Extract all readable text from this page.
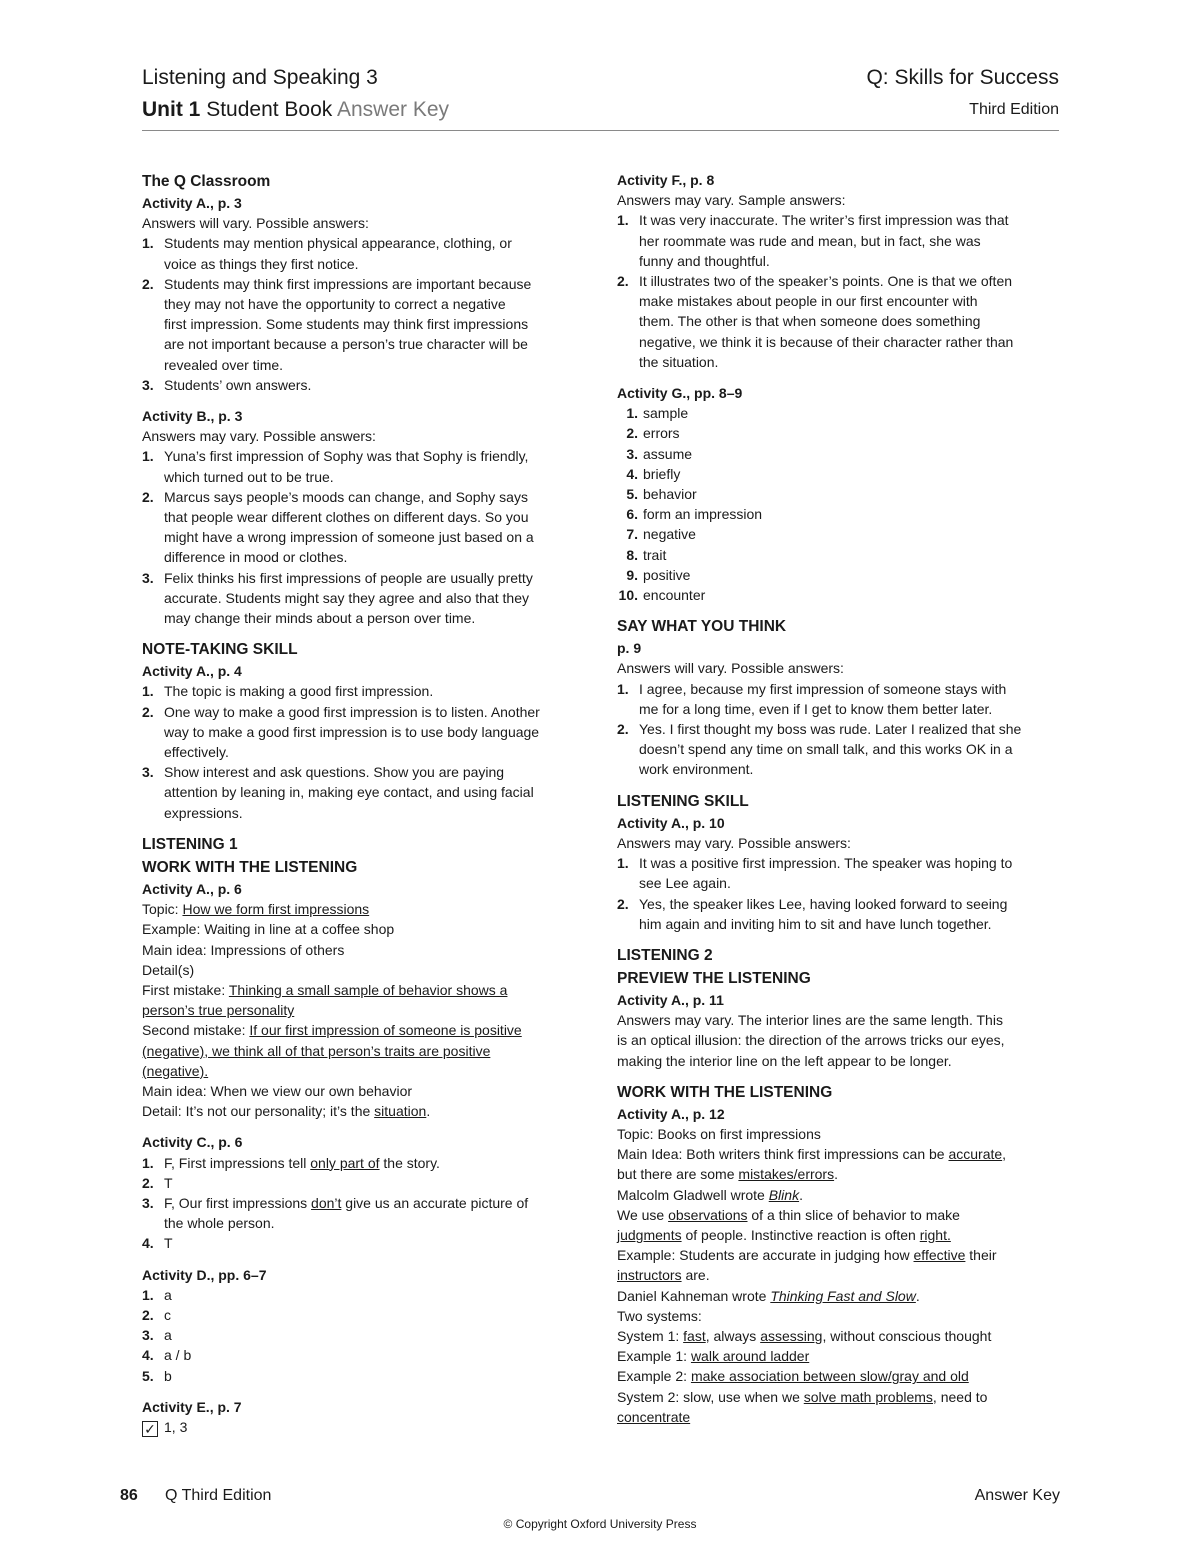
Listening and Speaking 3
Unit 1 Student Book Answer Key
Q: Skills for Success
Third Edition
The Q Classroom
Activity A., p. 3
Answers will vary. Possible answers:
1. Students may mention physical appearance, clothing, or
voice as things they first notice.
2. Students may think first impressions are important because
they may not have the opportunity to correct a negative
first impression. Some students may think first impressions
are not important because a person’s true character will be
revealed over time.
3. Students’ own answers.
Activity B., p. 3
Answers may vary. Possible answers:
1. Yuna’s first impression of Sophy was that Sophy is friendly,
which turned out to be true.
2. Marcus says people’s moods can change, and Sophy says
that people wear different clothes on different days. So you
might have a wrong impression of someone just based on a
difference in mood or clothes.
3. Felix thinks his first impressions of people are usually pretty
accurate. Students might say they agree and also that they
may change their minds about a person over time.
NOTE-TAKING SKILL
Activity A., p. 4
1. The topic is making a good first impression.
2. One way to make a good first impression is to listen. Another
way to make a good first impression is to use body language
effectively.
3. Show interest and ask questions. Show you are paying
attention by leaning in, making eye contact, and using facial
expressions.
LISTENING 1
WORK WITH THE LISTENING
Activity A., p. 6
Topic: How we form first impressions
Example: Waiting in line at a coffee shop
Main idea: Impressions of others
Detail(s)
First mistake: Thinking a small sample of behavior shows a
person’s true personality
Second mistake: If our first impression of someone is positive
(negative), we think all of that person’s traits are positive
(negative).
Main idea: When we view our own behavior
Detail: It’s not our personality; it’s the situation.
Activity C., p. 6
1. F, First impressions tell only part of the story.
2. T
3. F, Our first impressions don’t give us an accurate picture of
the whole person.
4. T
Activity D., pp. 6–7
1. a
2. c
3. a
4. a / b
5. b
Activity E., p. 7
✓ 1, 3
Activity F., p. 8
Answers may vary. Sample answers:
1. It was very inaccurate. The writer’s first impression was that
her roommate was rude and mean, but in fact, she was
funny and thoughtful.
2. It illustrates two of the speaker’s points. One is that we often
make mistakes about people in our first encounter with
them. The other is that when someone does something
negative, we think it is because of their character rather than
the situation.
Activity G., pp. 8–9
1. sample
2. errors
3. assume
4. briefly
5. behavior
6. form an impression
7. negative
8. trait
9. positive
10. encounter
SAY WHAT YOU THINK
p. 9
Answers will vary. Possible answers:
1. I agree, because my first impression of someone stays with
me for a long time, even if I get to know them better later.
2. Yes. I first thought my boss was rude. Later I realized that she
doesn’t spend any time on small talk, and this works OK in a
work environment.
LISTENING SKILL
Activity A., p. 10
Answers may vary. Possible answers:
1. It was a positive first impression. The speaker was hoping to
see Lee again.
2. Yes, the speaker likes Lee, having looked forward to seeing
him again and inviting him to sit and have lunch together.
LISTENING 2
PREVIEW THE LISTENING
Activity A., p. 11
Answers may vary. The interior lines are the same length. This
is an optical illusion: the direction of the arrows tricks our eyes,
making the interior line on the left appear to be longer.
WORK WITH THE LISTENING
Activity A., p. 12
Topic: Books on first impressions
Main Idea: Both writers think first impressions can be accurate,
but there are some mistakes/errors.
Malcolm Gladwell wrote Blink.
We use observations of a thin slice of behavior to make
judgments of people. Instinctive reaction is often right.
Example: Students are accurate in judging how effective their
instructors are.
Daniel Kahneman wrote Thinking Fast and Slow.
Two systems:
System 1: fast, always assessing, without conscious thought
Example 1: walk around ladder
Example 2: make association between slow/gray and old
System 2: slow, use when we solve math problems, need to
concentrate
86 Q Third Edition	Answer Key
© Copyright Oxford University Press
